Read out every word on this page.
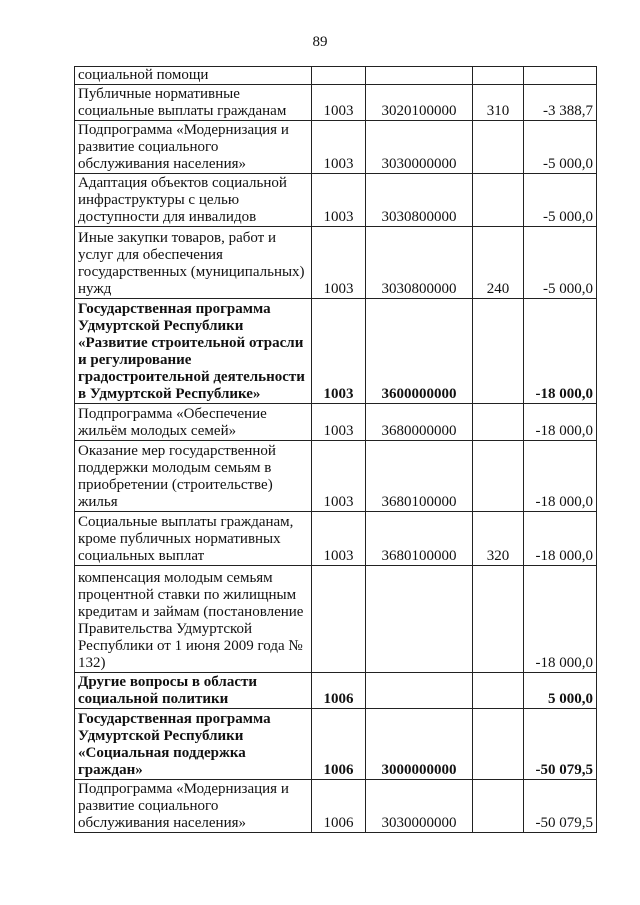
89
социальной помощи				
Публичные нормативные социальные выплаты гражданам	1003	3020100000	310	-3 388,7
Подпрограмма «Модернизация и развитие социального обслуживания населения»	1003	3030000000		-5 000,0
Адаптация объектов социальной инфраструктуры с целью доступности для инвалидов	1003	3030800000		-5 000,0
Иные закупки товаров, работ и услуг для обеспечения государственных (муниципальных) нужд	1003	3030800000	240	-5 000,0
Государственная программа Удмуртской Республики «Развитие строительной отрасли и регулирование градостроительной деятельности в Удмуртской Республике»	1003	3600000000		-18 000,0
Подпрограмма «Обеспечение жильём молодых семей»	1003	3680000000		-18 000,0
Оказание мер государственной поддержки молодым семьям в приобретении (строительстве) жилья	1003	3680100000		-18 000,0
Социальные выплаты гражданам, кроме публичных нормативных социальных выплат	1003	3680100000	320	-18 000,0
компенсация молодым семьям процентной ставки по жилищным кредитам и займам (постановление Правительства Удмуртской Республики от 1 июня 2009 года № 132)				-18 000,0
Другие вопросы в области социальной политики	1006			5 000,0
Государственная программа Удмуртской Республики «Социальная поддержка граждан»	1006	3000000000		-50 079,5
Подпрограмма «Модернизация и развитие социального обслуживания населения»	1006	3030000000		-50 079,5
